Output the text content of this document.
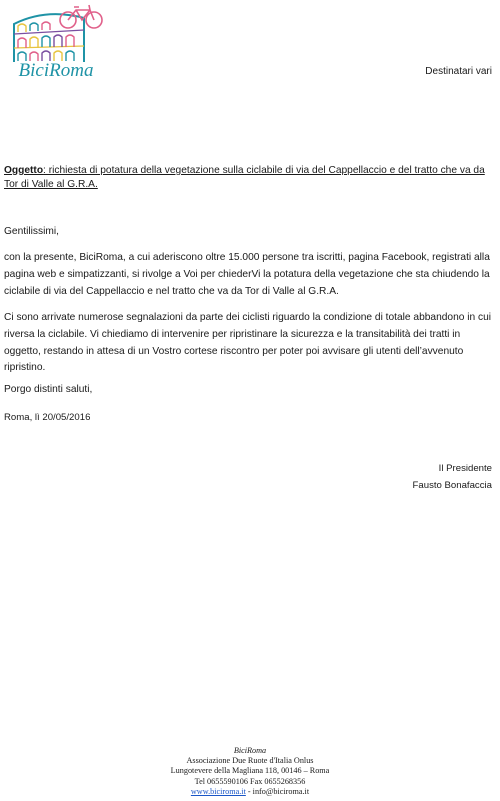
BiciRoma	Destinatari vari
Oggetto: richiesta di potatura della vegetazione sulla ciclabile di via del Cappellaccio e del tratto che va da Tor di Valle al G.R.A.

Gentilissimi,

con la presente, BiciRoma, a cui aderiscono oltre 15.000 persone tra iscritti, pagina Facebook, registrati alla pagina web e simpatizzanti, si rivolge a Voi per chiederVi la potatura della vegetazione che sta chiudendo la ciclabile di via del Cappellaccio e nel tratto che va da Tor di Valle al G.R.A.

Ci sono arrivate numerose segnalazioni da parte dei ciclisti riguardo la condizione di totale abbandono in cui riversa la ciclabile. Vi chiediamo di intervenire per ripristinare la sicurezza e la transitabilità dei tratti in oggetto, restando in attesa di un Vostro cortese riscontro per poter poi avvisare gli utenti dell’avvenuto ripristino.

Porgo distinti saluti,

Roma, lì 20/05/2016

Il Presidente
Fausto Bonafaccia
BiciRoma
Associazione Due Ruote d'Italia Onlus
Lungotevere della Magliana 118, 00146 – Roma
Tel 0655590106 Fax 0655268356
www.biciroma.it - info@biciroma.it
